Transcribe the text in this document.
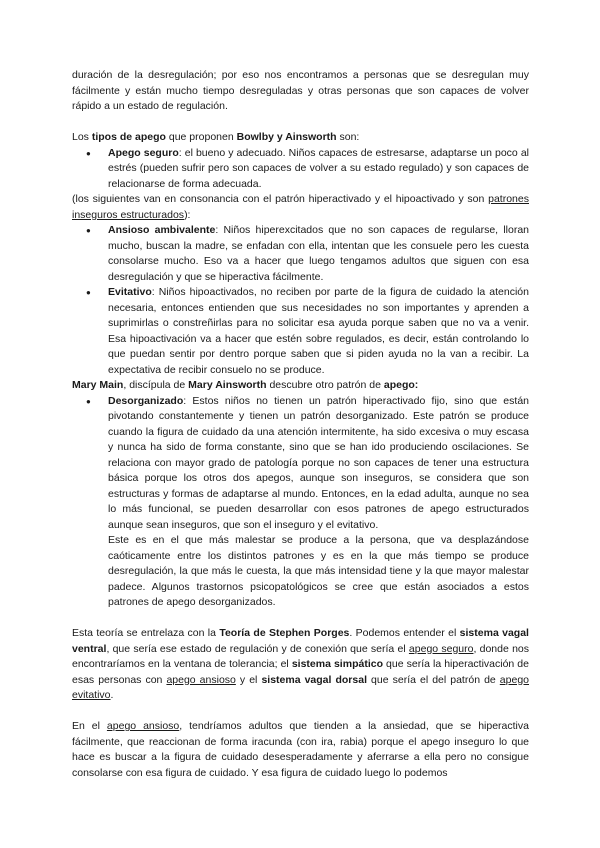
duración de la desregulación; por eso nos encontramos a personas que se desregulan muy fácilmente y están mucho tiempo desreguladas y otras personas que son capaces de volver rápido a un estado de regulación.

Los tipos de apego que proponen Bowlby y Ainsworth son:

● Apego seguro: el bueno y adecuado. Niños capaces de estresarse, adaptarse un poco al estrés (pueden sufrir pero son capaces de volver a su estado regulado) y son capaces de relacionarse de forma adecuada.

(los siguientes van en consonancia con el patrón hiperactivado y el hipoactivado y son patrones inseguros estructurados):

● Ansioso ambivalente: Niños hiperexcitados que no son capaces de regularse, lloran mucho, buscan la madre, se enfadan con ella, intentan que les consuele pero les cuesta consolarse mucho. Eso va a hacer que luego tengamos adultos que siguen con esa desregulación y que se hiperactiva fácilmente.
● Evitativo: Niños hipoactivados, no reciben por parte de la figura de cuidado la atención necesaria, entonces entienden que sus necesidades no son importantes y aprenden a suprimirlas o constreñirlas para no solicitar esa ayuda porque saben que no va a venir. Esa hipoactivación va a hacer que estén sobre regulados, es decir, están controlando lo que puedan sentir por dentro porque saben que si piden ayuda no la van a recibir. La expectativa de recibir consuelo no se produce.

Mary Main, discípula de Mary Ainsworth descubre otro patrón de apego:

● Desorganizado: Estos niños no tienen un patrón hiperactivado fijo, sino que están pivotando constantemente y tienen un patrón desorganizado. Este patrón se produce cuando la figura de cuidado da una atención intermitente, ha sido excesiva o muy escasa y nunca ha sido de forma constante, sino que se han ido produciendo oscilaciones. Se relaciona con mayor grado de patología porque no son capaces de tener una estructura básica porque los otros dos apegos, aunque son inseguros, se considera que son estructuras y formas de adaptarse al mundo. Entonces, en la edad adulta, aunque no sea lo más funcional, se pueden desarrollar con esos patrones de apego estructurados aunque sean inseguros, que son el inseguro y el evitativo.

Este es en el que más malestar se produce a la persona, que va desplazándose caóticamente entre los distintos patrones y es en la que más tiempo se produce desregulación, la que más le cuesta, la que más intensidad tiene y la que mayor malestar padece. Algunos trastornos psicopatológicos se cree que están asociados a estos patrones de apego desorganizados.

Esta teoría se entrelaza con la Teoría de Stephen Porges. Podemos entender el sistema vagal ventral, que sería ese estado de regulación y de conexión que sería el apego seguro, donde nos encontraríamos en la ventana de tolerancia; el sistema simpático que sería la hiperactivación de esas personas con apego ansioso y el sistema vagal dorsal que sería el del patrón de apego evitativo.

En el apego ansioso, tendríamos adultos que tienden a la ansiedad, que se hiperactiva fácilmente, que reaccionan de forma iracunda (con ira, rabia) porque el apego inseguro lo que hace es buscar a la figura de cuidado desesperadamente y aferrarse a ella pero no consigue consolarse con esa figura de cuidado. Y esa figura de cuidado luego lo podemos
